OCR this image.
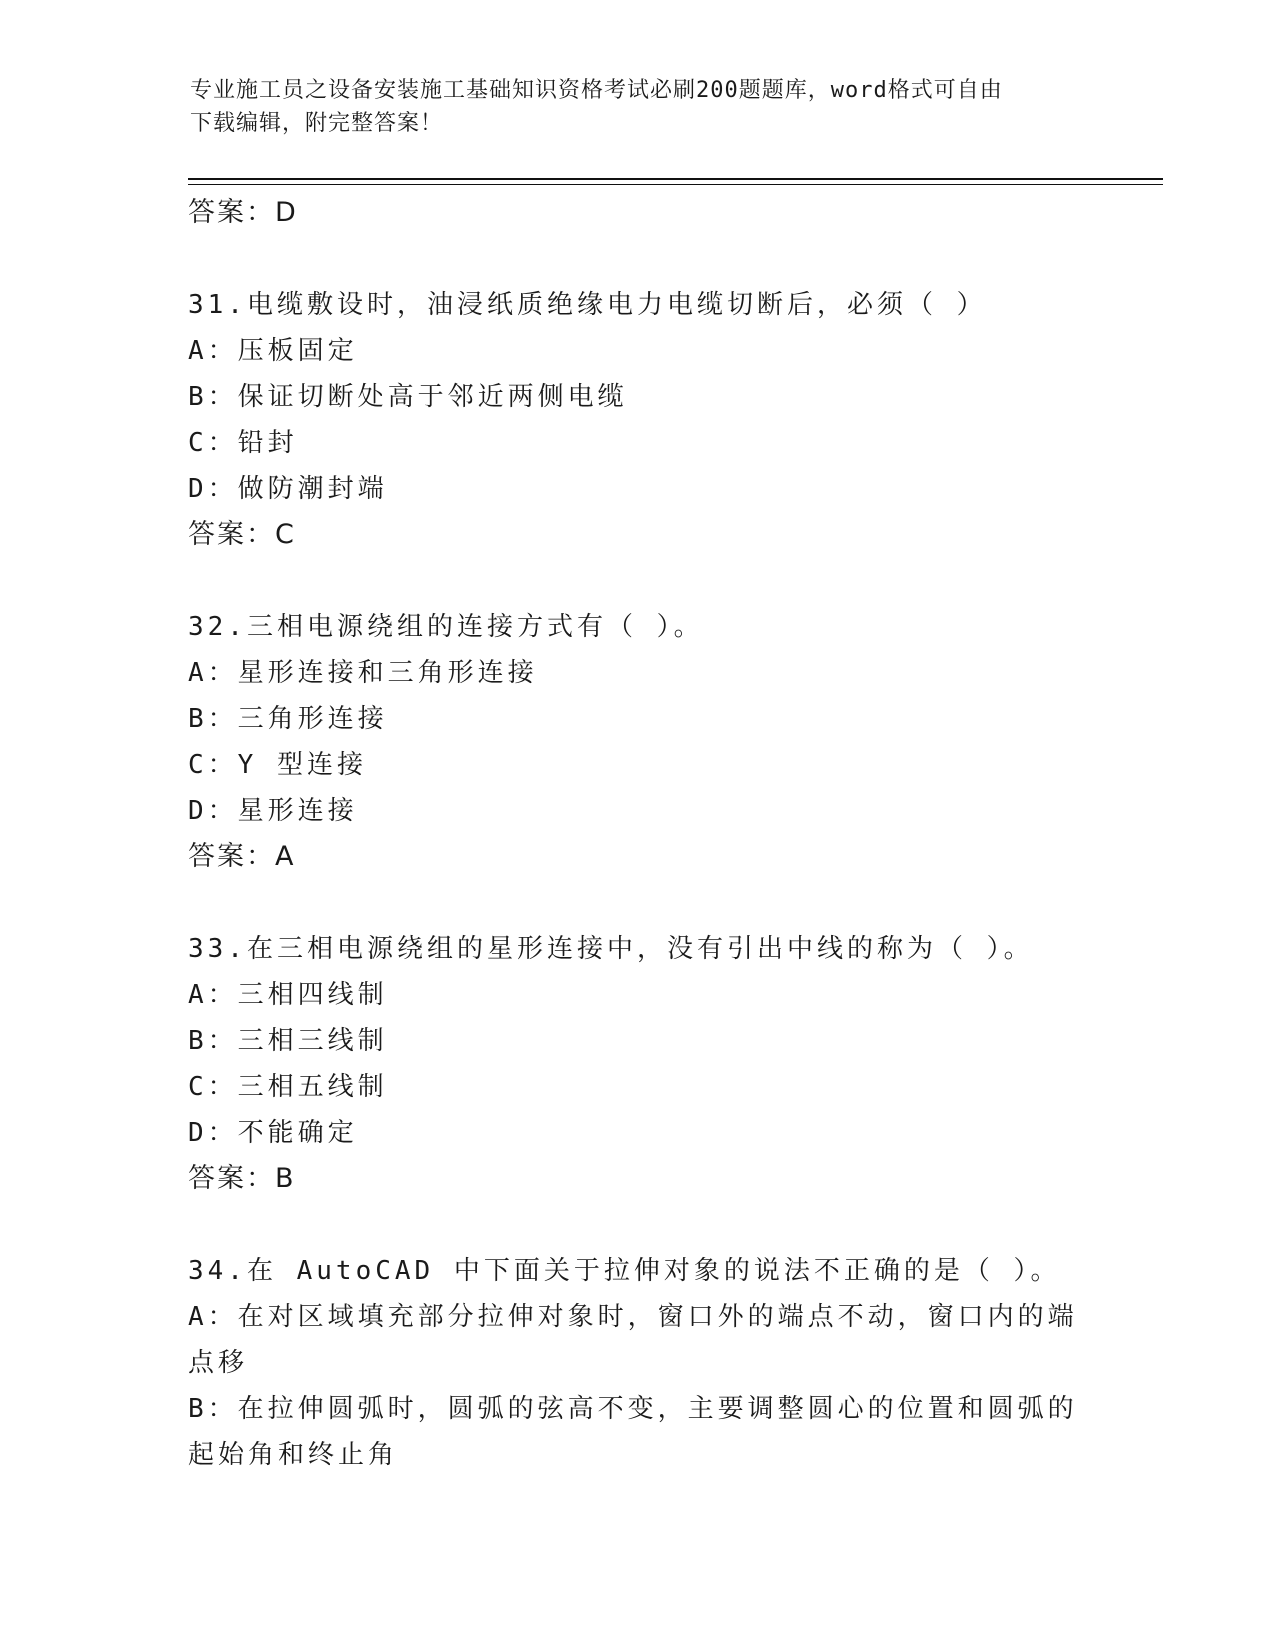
专业施工员之设备安装施工基础知识资格考试必刷200题题库，word格式可自由
下载编辑，附完整答案！
答案：D
31.电缆敷设时，油浸纸质绝缘电力电缆切断后，必须（ ）
A：压板固定
B：保证切断处高于邻近两侧电缆
C：铅封
D：做防潮封端
答案：C
32.三相电源绕组的连接方式有（ ）。
A：星形连接和三角形连接
B：三角形连接
C：Y 型连接
D：星形连接
答案：A
33.在三相电源绕组的星形连接中，没有引出中线的称为（ ）。
A：三相四线制
B：三相三线制
C：三相五线制
D：不能确定
答案：B
34.在 AutoCAD 中下面关于拉伸对象的说法不正确的是（ ）。
A：在对区域填充部分拉伸对象时，窗口外的端点不动，窗口内的端点移
B：在拉伸圆弧时，圆弧的弦高不变，主要调整圆心的位置和圆弧的起始角和终止角
